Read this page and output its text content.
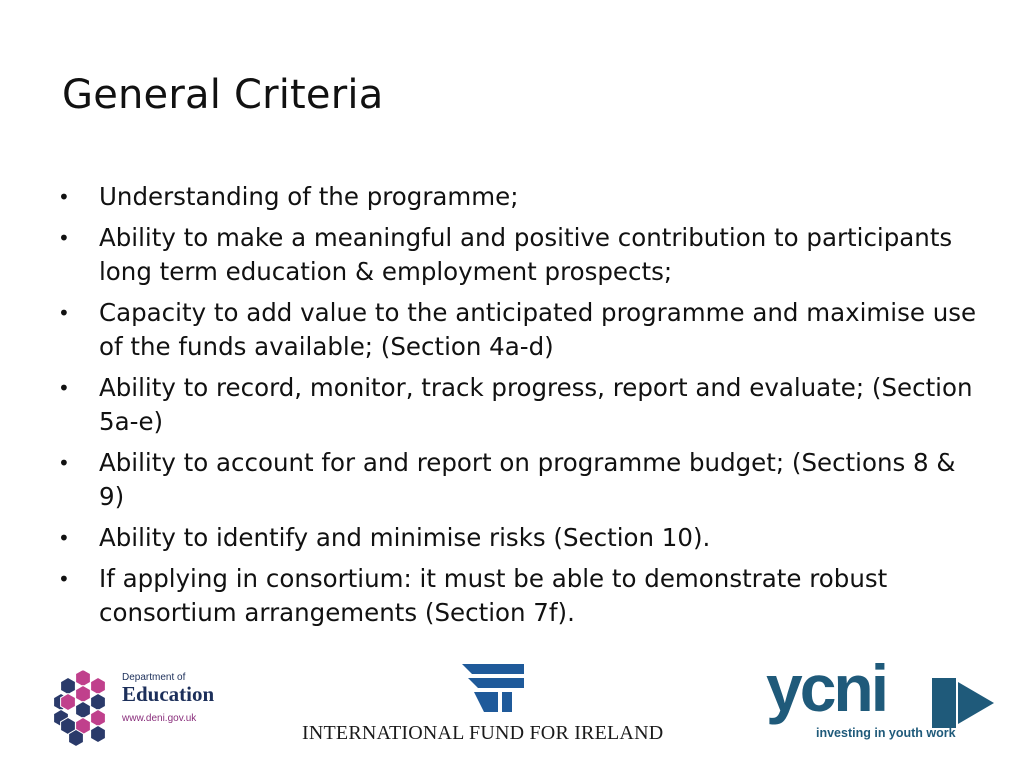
General Criteria
• Understanding of the programme;
• Ability to make a meaningful and positive contribution to participants long term education & employment prospects;
• Capacity to add value to the anticipated programme and maximise use of the funds available; (Section 4a-d)
• Ability to record, monitor, track progress, report and evaluate; (Section 5a-e)
• Ability to account for and report on programme budget; (Sections 8 & 9)
• Ability to identify and minimise risks (Section 10).
• If applying in consortium: it must be able to demonstrate robust consortium arrangements (Section 7f).
Department of
Education
www.deni.gov.uk
INTERNATIONAL FUND FOR IRELAND
ycni
investing in youth work
